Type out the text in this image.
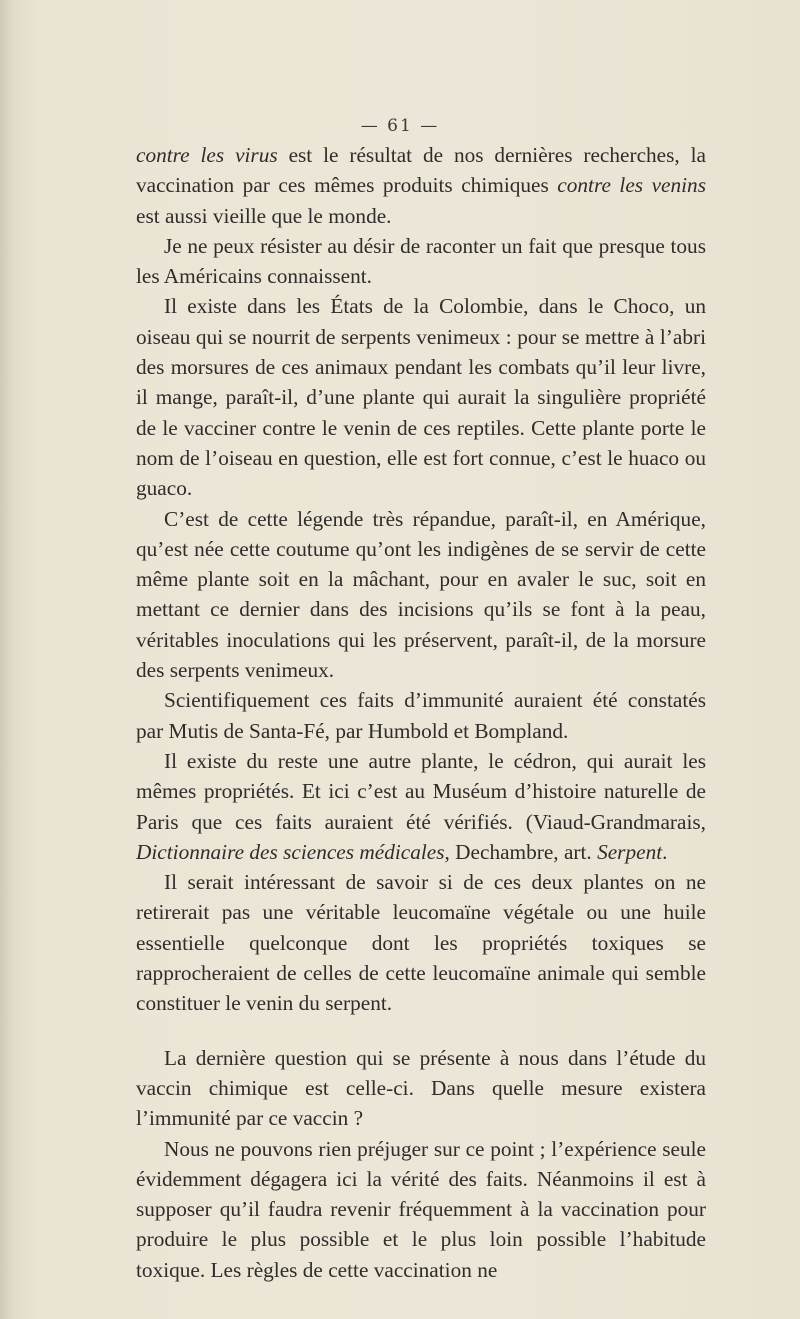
— 61 —

contre les virus est le résultat de nos dernières recherches, la vaccination par ces mêmes produits chimiques contre les venins est aussi vieille que le monde.

Je ne peux résister au désir de raconter un fait que presque tous les Américains connaissent.

Il existe dans les États de la Colombie, dans le Choco, un oiseau qui se nourrit de serpents venimeux : pour se mettre à l’abri des morsures de ces animaux pendant les combats qu’il leur livre, il mange, paraît-il, d’une plante qui aurait la singulière propriété de le vacciner contre le venin de ces reptiles. Cette plante porte le nom de l’oiseau en question, elle est fort connue, c’est le huaco ou guaco.

C’est de cette légende très répandue, paraît-il, en Amérique, qu’est née cette coutume qu’ont les indigènes de se servir de cette même plante soit en la mâchant, pour en avaler le suc, soit en mettant ce dernier dans des incisions qu’ils se font à la peau, véritables inoculations qui les préservent, paraît-il, de la morsure des serpents venimeux.

Scientifiquement ces faits d’immunité auraient été constatés par Mutis de Santa-Fé, par Humbold et Bompland.

Il existe du reste une autre plante, le cédron, qui aurait les mêmes propriétés. Et ici c’est au Muséum d’histoire naturelle de Paris que ces faits auraient été vérifiés. (Viaud-Grandmarais, Dictionnaire des sciences médicales, Dechambre, art. Serpent.

Il serait intéressant de savoir si de ces deux plantes on ne retirerait pas une véritable leucomaïne végétale ou une huile essentielle quelconque dont les propriétés toxiques se rapprocheraient de celles de cette leucomaïne animale qui semble constituer le venin du serpent.

La dernière question qui se présente à nous dans l’étude du vaccin chimique est celle-ci. Dans quelle mesure existera l’immunité par ce vaccin ?

Nous ne pouvons rien préjuger sur ce point ; l’expérience seule évidemment dégagera ici la vérité des faits. Néanmoins il est à supposer qu’il faudra revenir fréquemment à la vaccination pour produire le plus possible et le plus loin possible l’habitude toxique. Les règles de cette vaccination ne
